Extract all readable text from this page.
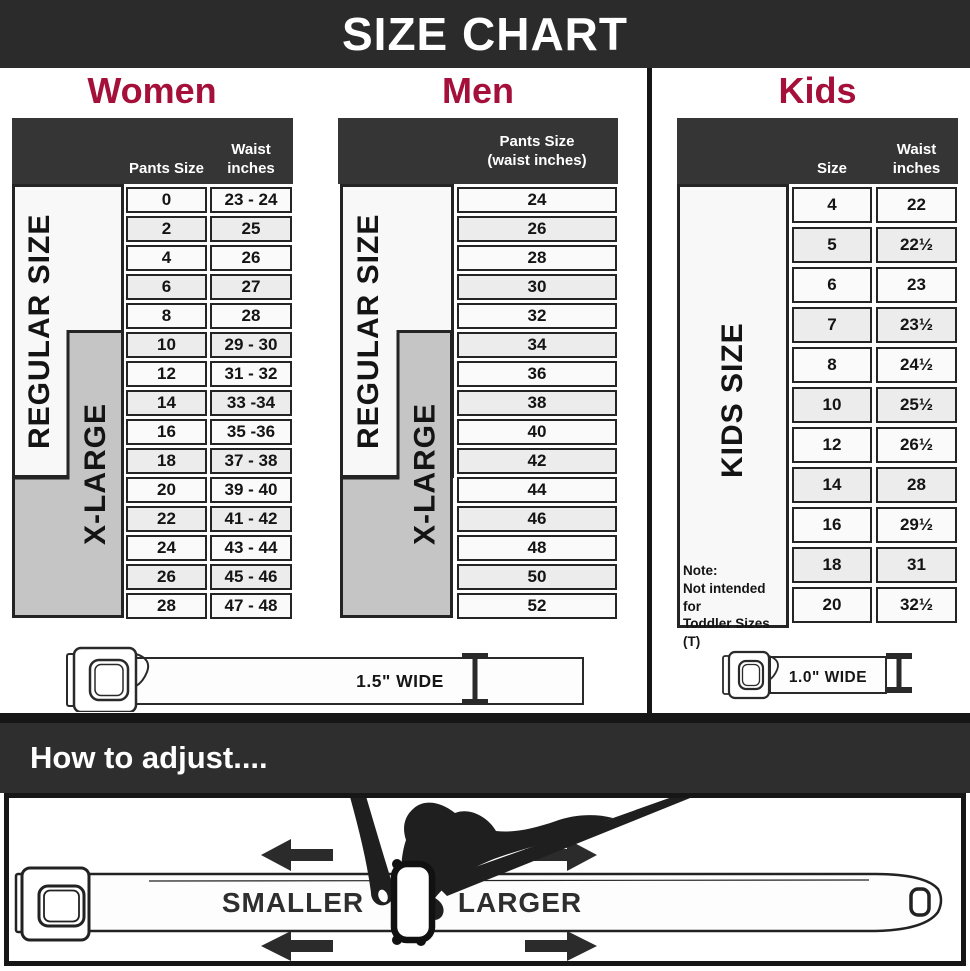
SIZE CHART
Women	Men	Kids
Pants Size
Waist inches
REGULAR SIZE
X-LARGE
0	23 - 24
2	25
4	26
6	27
8	28
10	29 - 30
12	31 - 32
14	33 -34
16	35 -36
18	37 - 38
20	39 - 40
22	41 - 42
24	43 - 44
26	45 - 46
28	47 - 48
Pants Size
(waist inches)
REGULAR SIZE
X-LARGE
24
26
28
30
32
34
36
38
40
42
44
46
48
50
52
Size
Waist inches
KIDS SIZE
Note:
Not intended for
Toddler Sizes (T)
4	22
5	22½
6	23
7	23½
8	24½
10	25½
12	26½
14	28
16	29½
18	31
20	32½
1.5" WIDE	1.0" WIDE
How to adjust....
SMALLER	LARGER
